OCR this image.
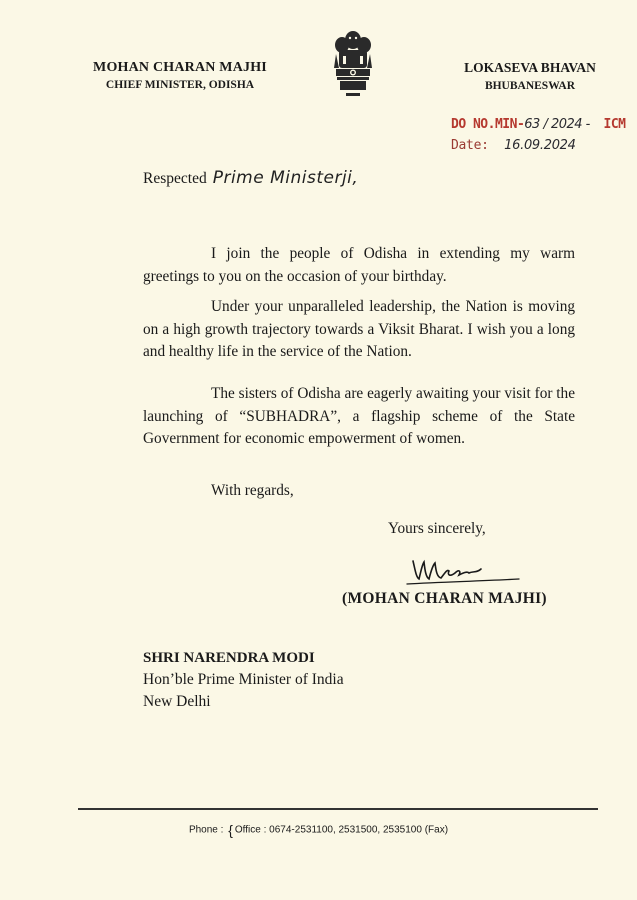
MOHAN CHARAN MAJHI
CHIEF MINISTER, ODISHA
LOKASEVA BHAVAN
BHUBANESWAR
DO NO.MIN-63 / 2024 - ICM
Date: 16.09.2024
Respected Prime Ministerji,
I join the people of Odisha in extending my warm greetings to you on the occasion of your birthday.
Under your unparalleled leadership, the Nation is moving on a high growth trajectory towards a Viksit Bharat. I wish you a long and healthy life in the service of the Nation.
The sisters of Odisha are eagerly awaiting your visit for the launching of “SUBHADRA”, a flagship scheme of the State Government for economic empowerment of women.
With regards,
Yours sincerely,
(MOHAN CHARAN MAJHI)
SHRI NARENDRA MODI
Hon’ble Prime Minister of India
New Delhi
Phone : { Office : 0674-2531100, 2531500, 2535100 (Fax)
